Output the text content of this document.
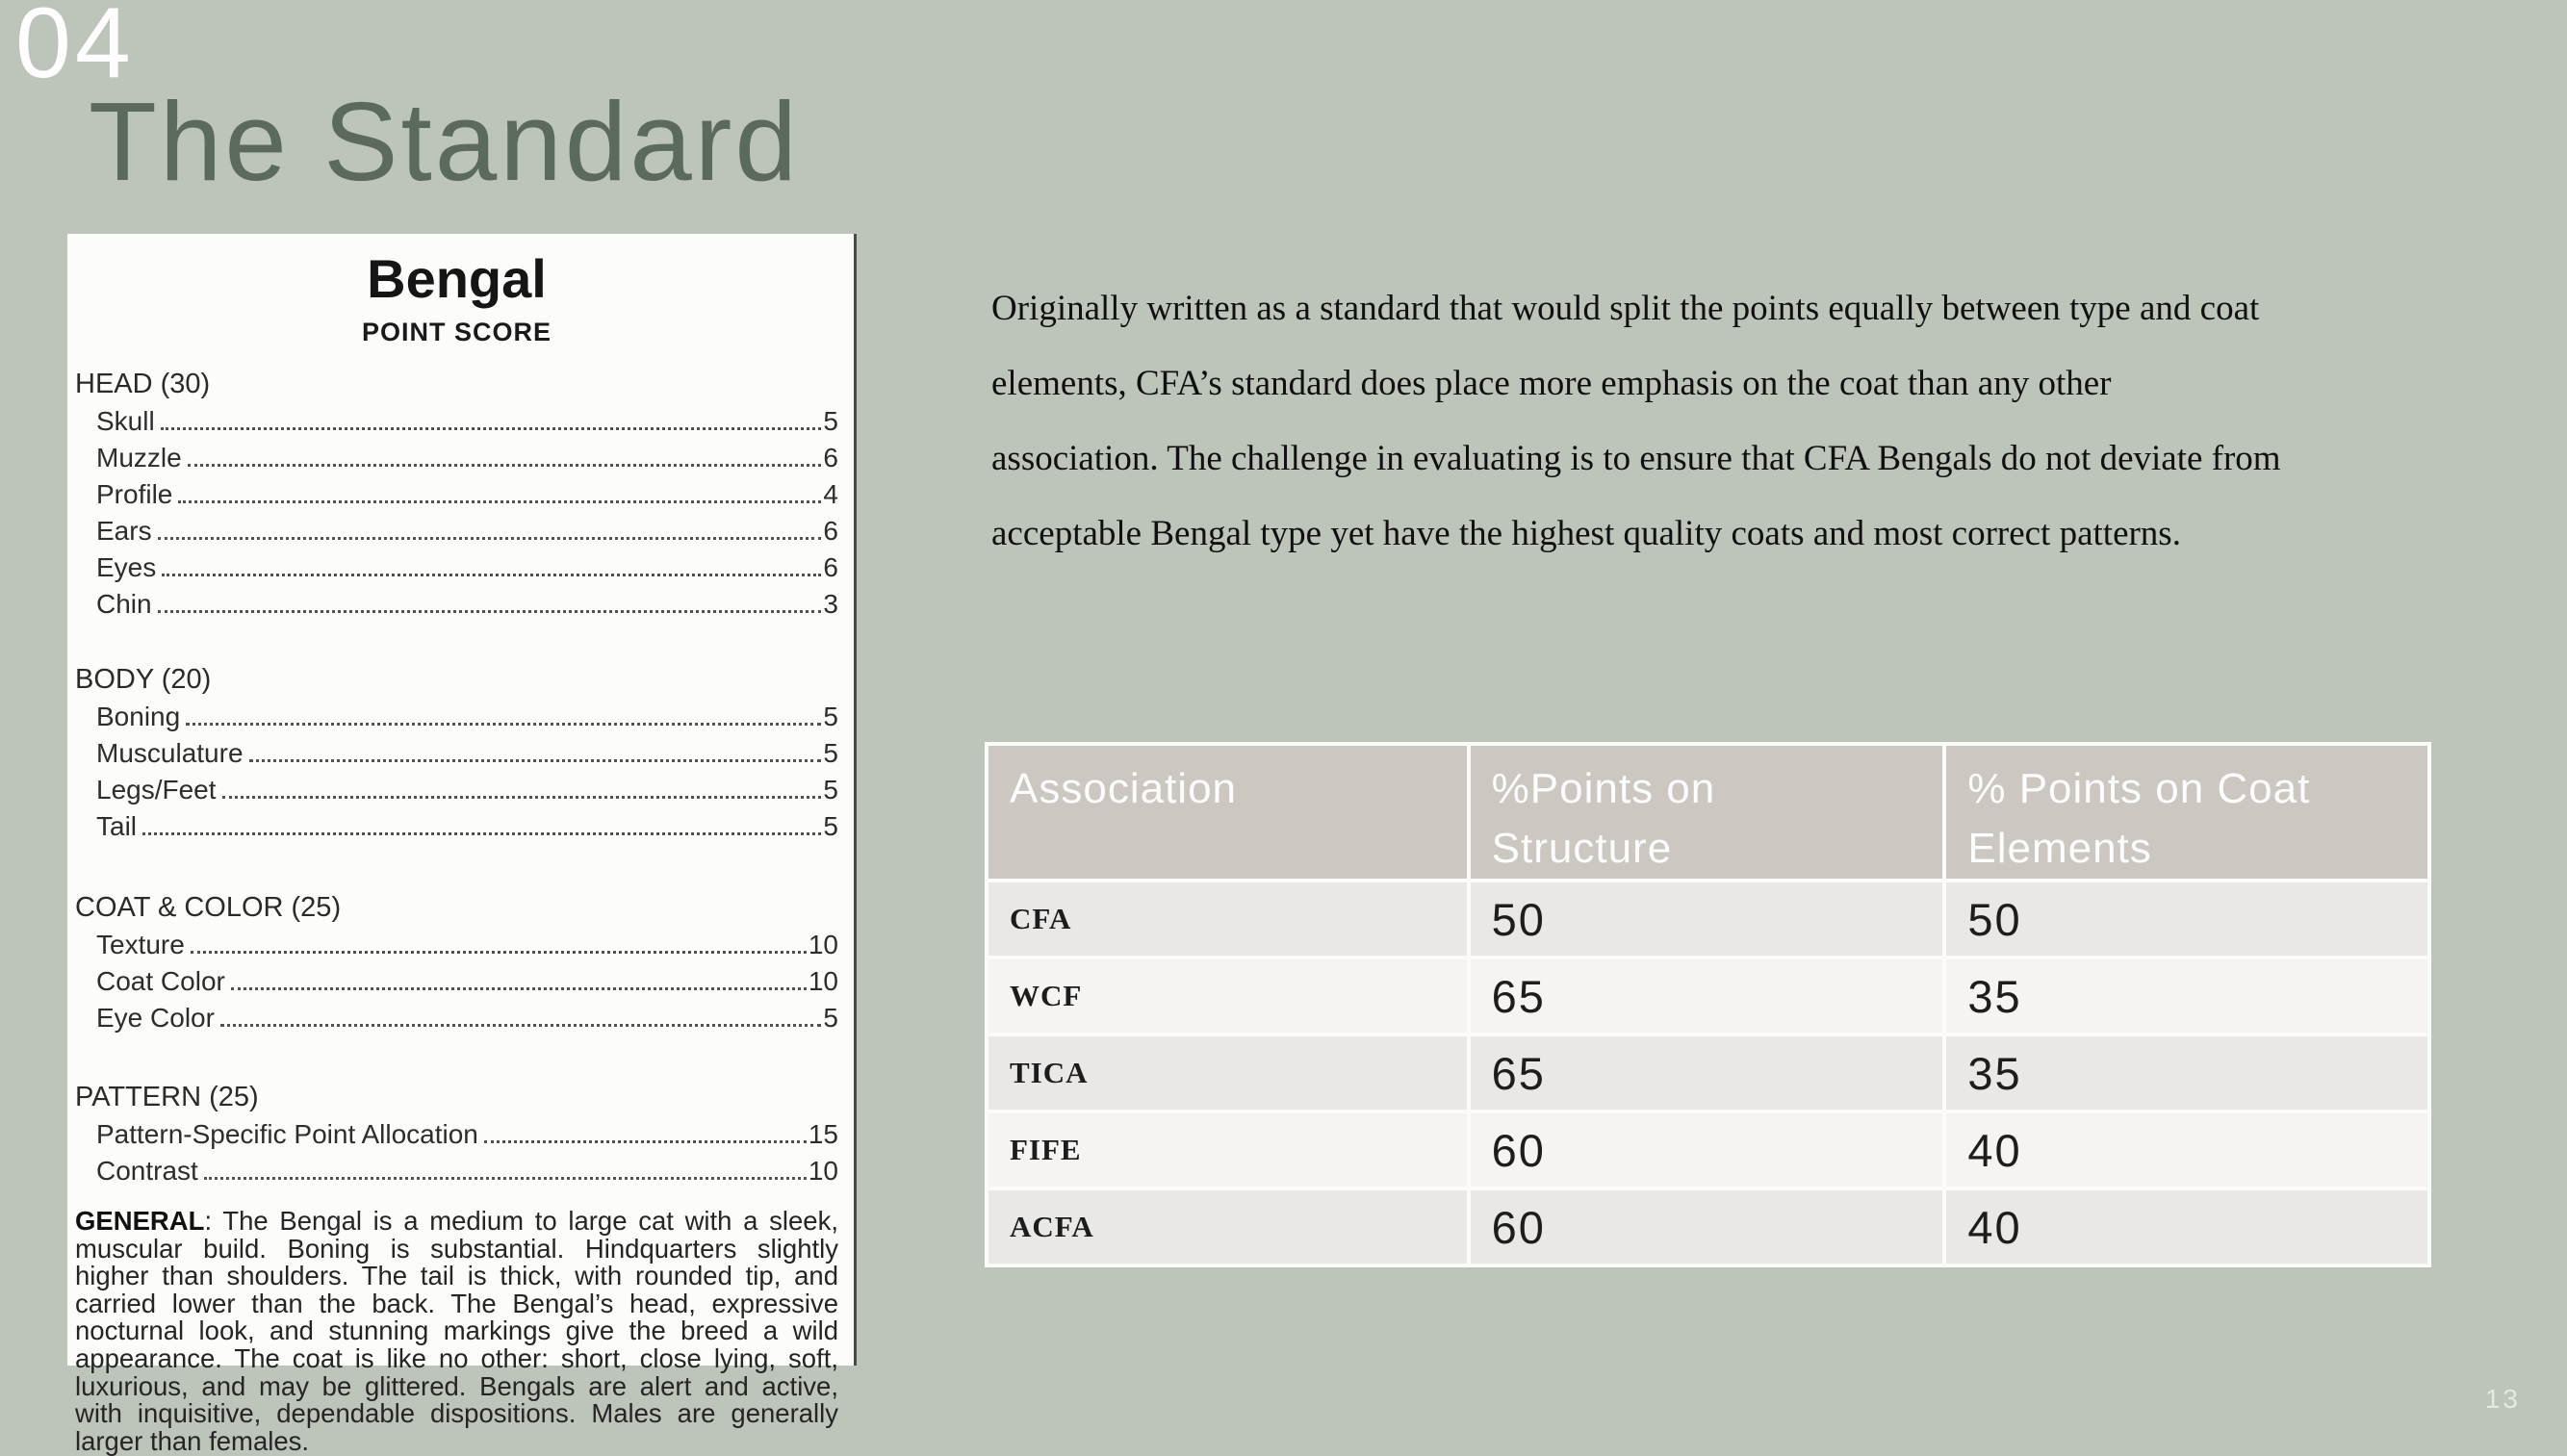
04
The Standard
Bengal
POINT SCORE
HEAD (30)
Skull	5
Muzzle	6
Profile	4
Ears	6
Eyes	6
Chin	3
BODY (20)
Boning	5
Musculature	5
Legs/Feet	5
Tail	5
COAT & COLOR (25)
Texture	10
Coat Color	10
Eye Color	5
PATTERN (25)
Pattern-Specific Point Allocation	15
Contrast	10
GENERAL: The Bengal is a medium to large cat with a sleek, muscular build. Boning is substantial. Hindquarters slightly higher than shoulders. The tail is thick, with rounded tip, and carried lower than the back. The Bengal’s head, expressive nocturnal look, and stunning markings give the breed a wild appearance. The coat is like no other: short, close lying, soft, luxurious, and may be glittered. Bengals are alert and active, with inquisitive, dependable dispositions. Males are generally larger than females.
Originally written as a standard that would split the points equally between type and coat elements, CFA’s standard does place more emphasis on the coat than any other association. The challenge in evaluating is to ensure that CFA Bengals do not deviate from acceptable Bengal type yet have the highest quality coats and most correct patterns.
Association	%Points on Structure	% Points on Coat Elements
CFA	50	50
WCF	65	35
TICA	65	35
FIFE	60	40
ACFA	60	40
13
